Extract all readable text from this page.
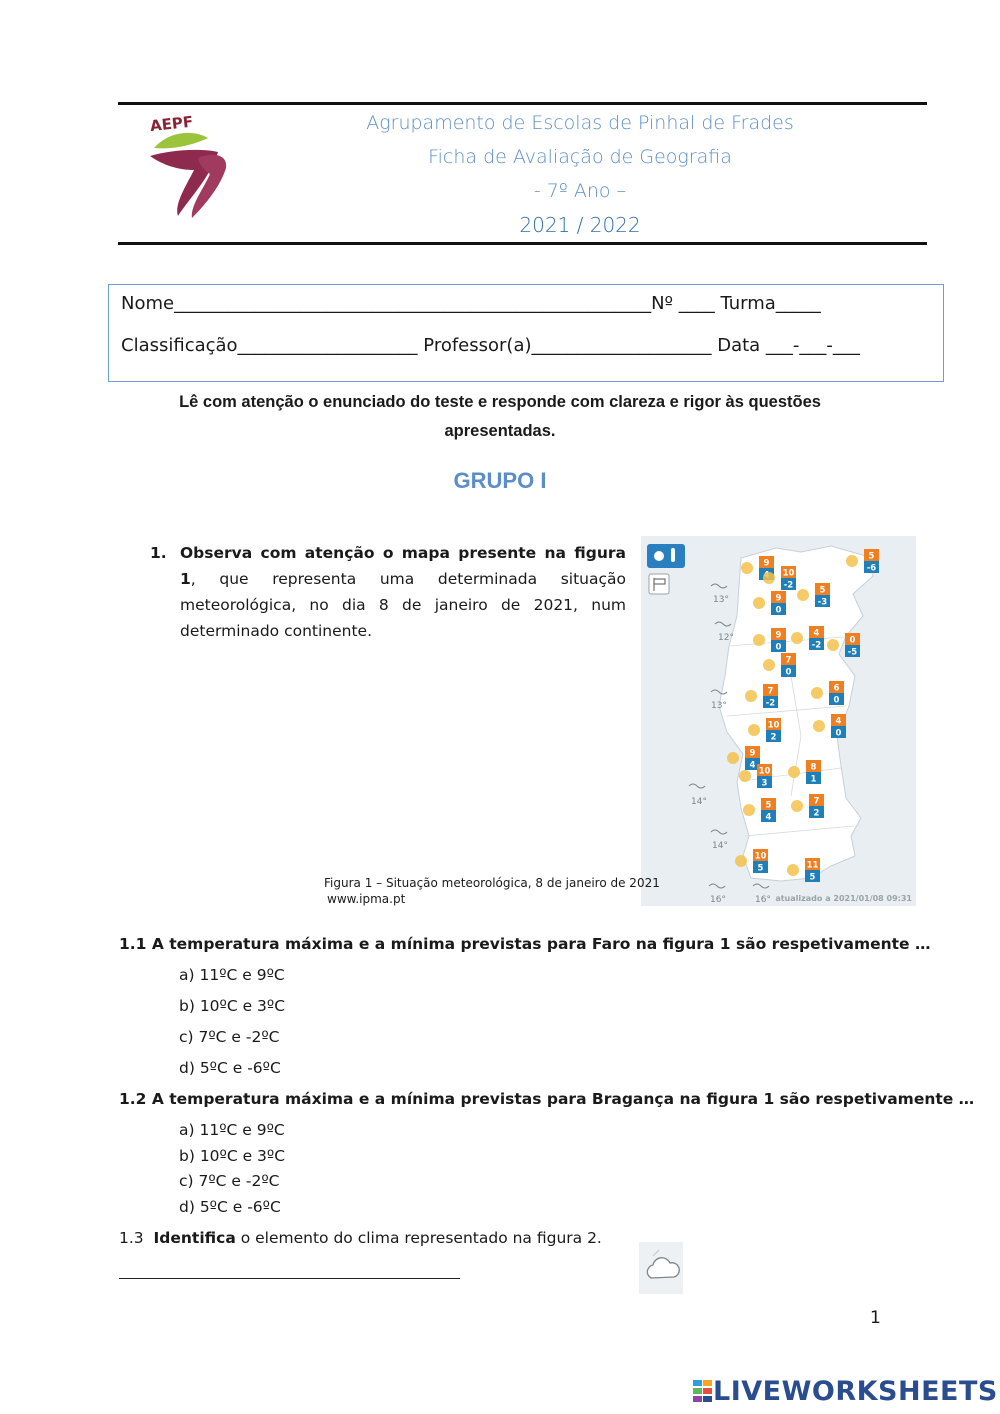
AEPF	Agrupamento de Escolas de Pinhal de Frades
Ficha de Avaliação de Geografia
- 7º Ano –
2021 / 2022
Nome_____________________________________________________Nº ____ Turma_____
Classificação____________________ Professor(a)____________________ Data ___-___-___
Lê com atenção o enunciado do teste e responde com clareza e rigor às questões
apresentadas.
GRUPO I
1. Observa com atenção o mapa presente na figura 1, que representa uma determinada situação meteorológica, no dia 8 de janeiro de 2021, num determinado continente.
13°
12°
13°
14°
14°
16°	16°
9
10
-2
5
-6
9
0
5
-3
9
0
4
-2	0
-5
7
0
7
-2
6
0
4
0
10
2
9
4
10
3
8
1
5
4
7
2
10
5	11
5
atualizado a 2021/01/08 09:31
Figura 1 – Situação meteorológica, 8 de janeiro de 2021
www.ipma.pt
1.1 A temperatura máxima e a mínima previstas para Faro na figura 1 são respetivamente …
a) 11ºC e 9ºC
b) 10ºC e 3ºC
c) 7ºC e -2ºC
d) 5ºC e -6ºC
1.2 A temperatura máxima e a mínima previstas para Bragança na figura 1 são respetivamente …
a) 11ºC e 9ºC
b) 10ºC e 3ºC
c) 7ºC e -2ºC
d) 5ºC e -6ºC
1.3 Identifica o elemento do clima representado na figura 2.
1
LIVEWORKSHEETS
